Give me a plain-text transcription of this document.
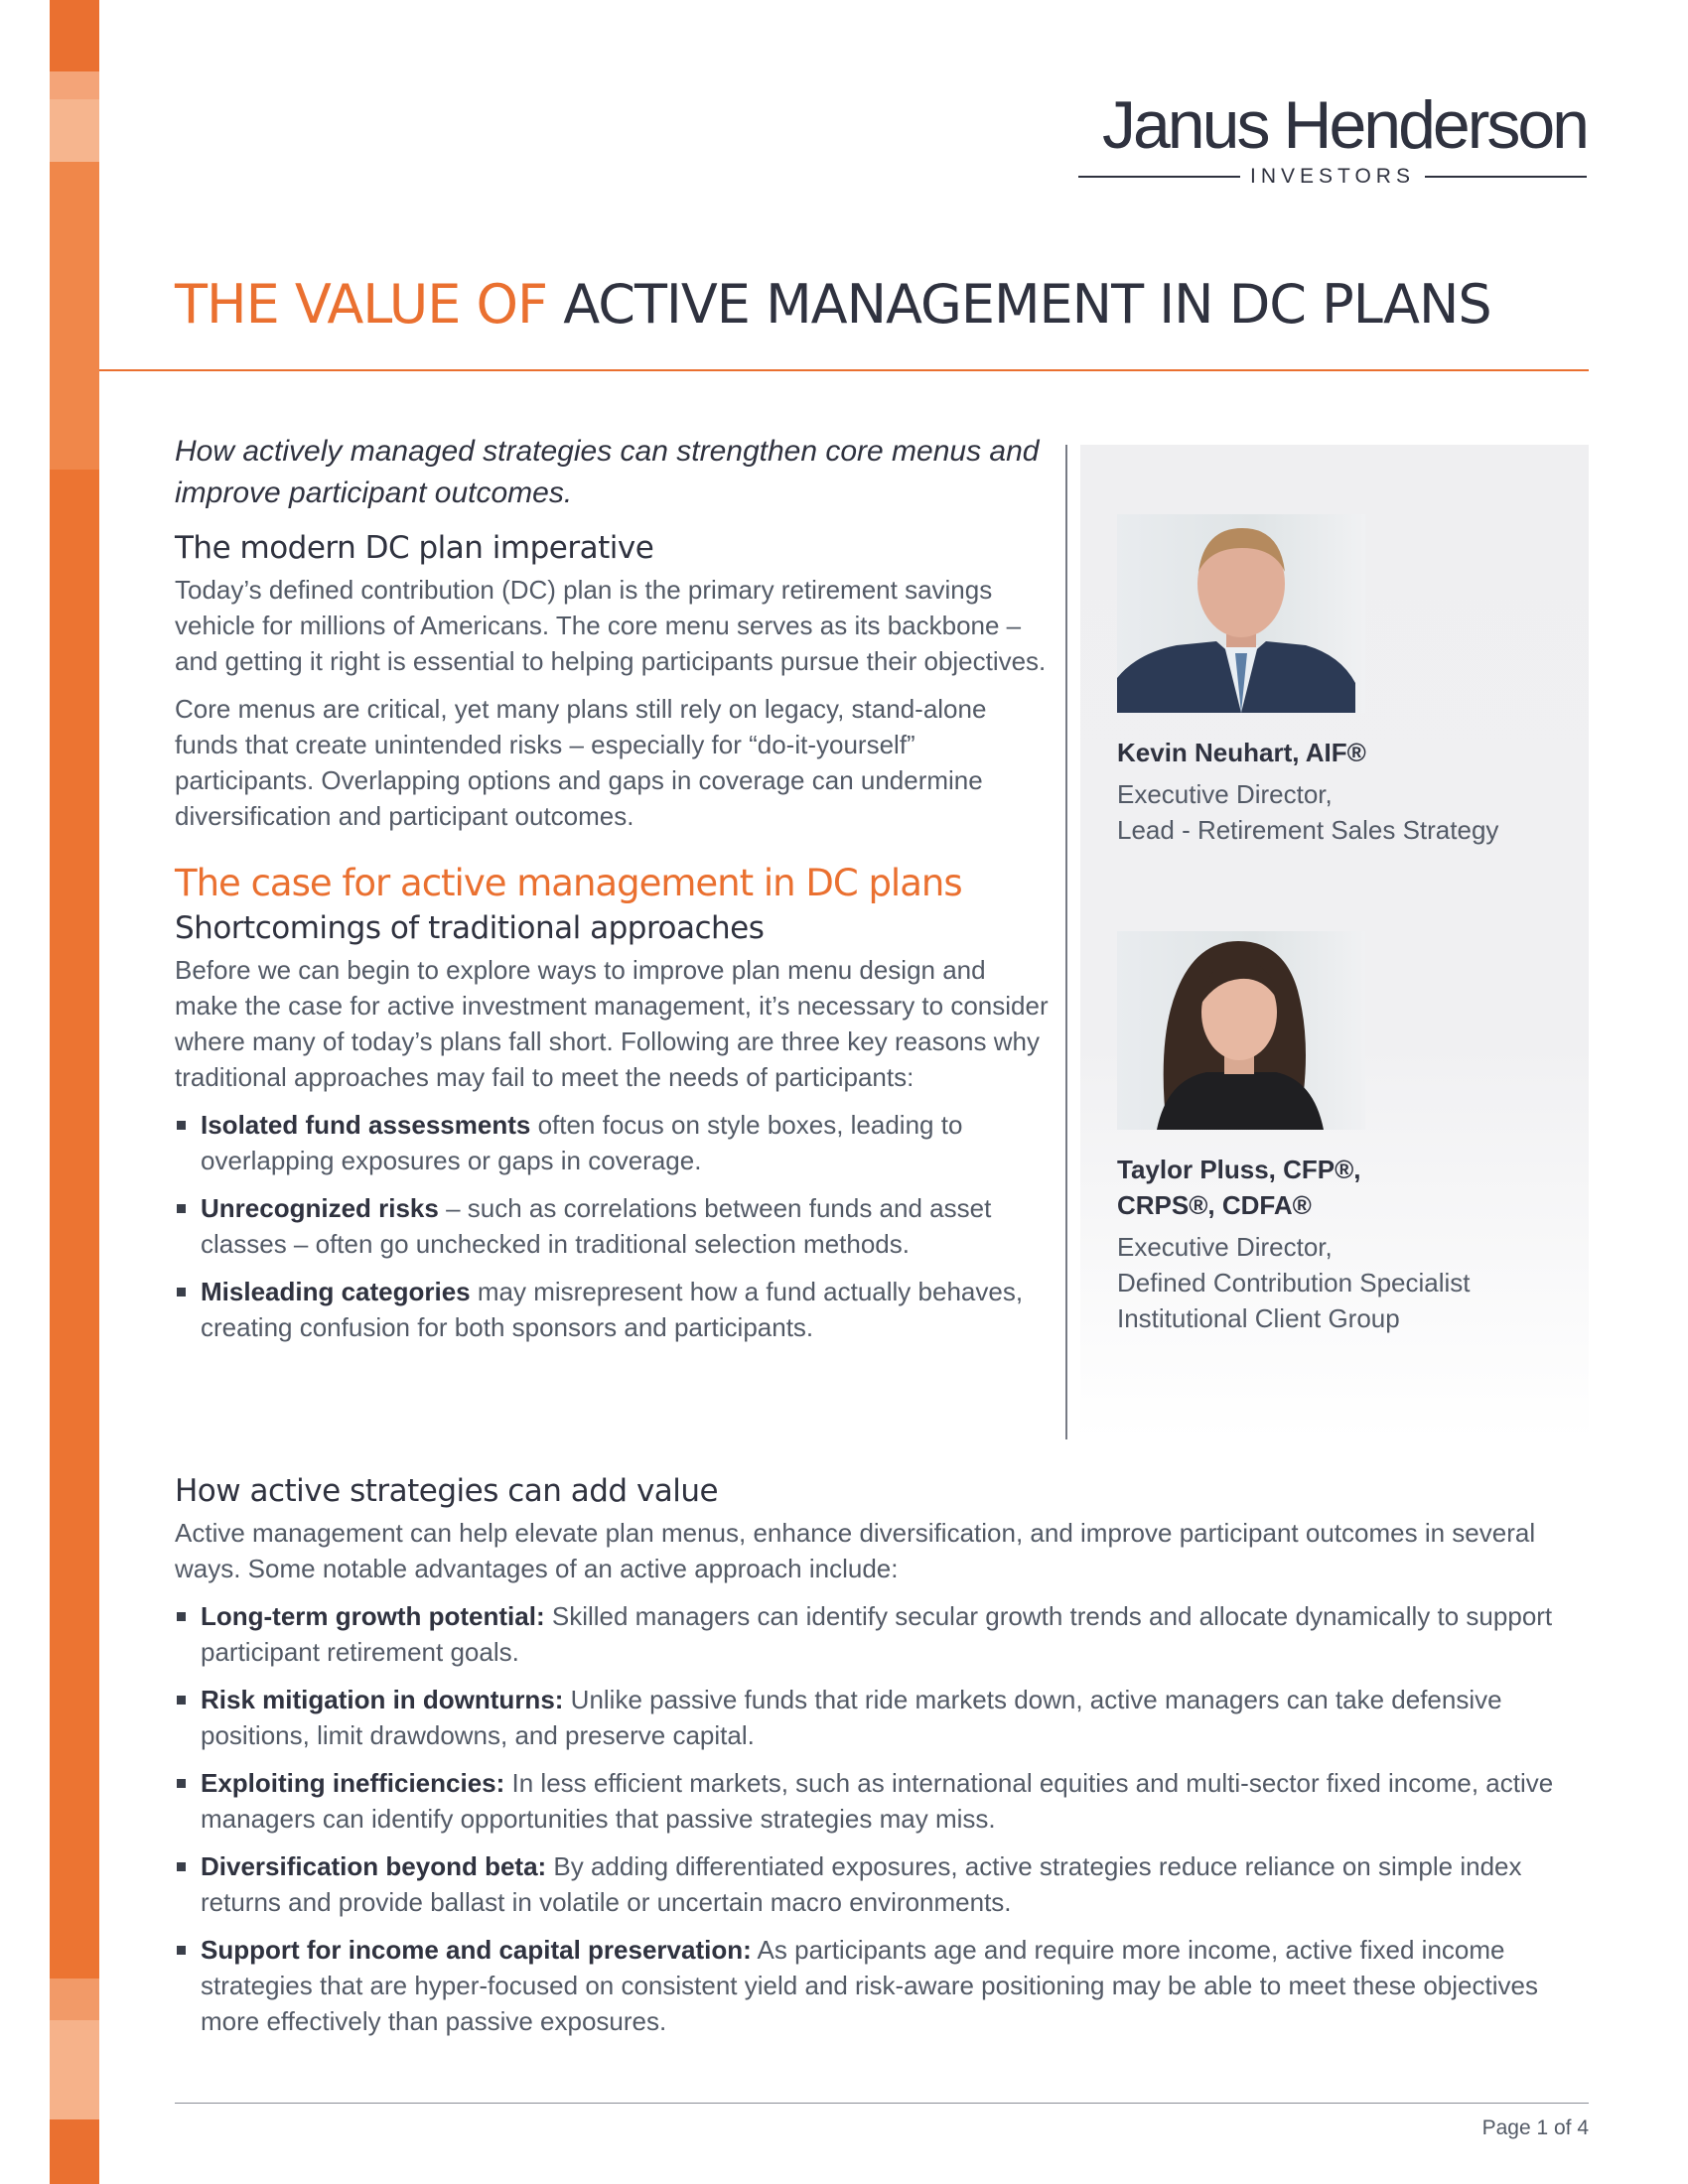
Janus Henderson
INVESTORS
THE VALUE OF ACTIVE MANAGEMENT IN DC PLANS

How actively managed strategies can strengthen core menus and improve participant outcomes.

The modern DC plan imperative

Today’s defined contribution (DC) plan is the primary retirement savings vehicle for millions of Americans. The core menu serves as its backbone – and getting it right is essential to helping participants pursue their objectives.

Core menus are critical, yet many plans still rely on legacy, stand-alone funds that create unintended risks – especially for “do-it-yourself” participants. Overlapping options and gaps in coverage can undermine diversification and participant outcomes.

The case for active management in DC plans
Shortcomings of traditional approaches

Before we can begin to explore ways to improve plan menu design and make the case for active investment management, it’s necessary to consider where many of today’s plans fall short. Following are three key reasons why traditional approaches may fail to meet the needs of participants:

Isolated fund assessments often focus on style boxes, leading to overlapping exposures or gaps in coverage.
Unrecognized risks – such as correlations between funds and asset classes – often go unchecked in traditional selection methods.
Misleading categories may misrepresent how a fund actually behaves, creating confusion for both sponsors and participants.
Kevin Neuhart, AIF®
Executive Director,
Lead - Retirement Sales Strategy
Taylor Pluss, CFP®,
CRPS®, CDFA®
Executive Director,
Defined Contribution Specialist
Institutional Client Group
How active strategies can add value

Active management can help elevate plan menus, enhance diversification, and improve participant outcomes in several ways. Some notable advantages of an active approach include:

Long-term growth potential: Skilled managers can identify secular growth trends and allocate dynamically to support participant retirement goals.
Risk mitigation in downturns: Unlike passive funds that ride markets down, active managers can take defensive positions, limit drawdowns, and preserve capital.
Exploiting inefficiencies: In less efficient markets, such as international equities and multi-sector fixed income, active managers can identify opportunities that passive strategies may miss.
Diversification beyond beta: By adding differentiated exposures, active strategies reduce reliance on simple index returns and provide ballast in volatile or uncertain macro environments.
Support for income and capital preservation: As participants age and require more income, active fixed income strategies that are hyper-focused on consistent yield and risk-aware positioning may be able to meet these objectives more effectively than passive exposures.
Page 1 of 4
